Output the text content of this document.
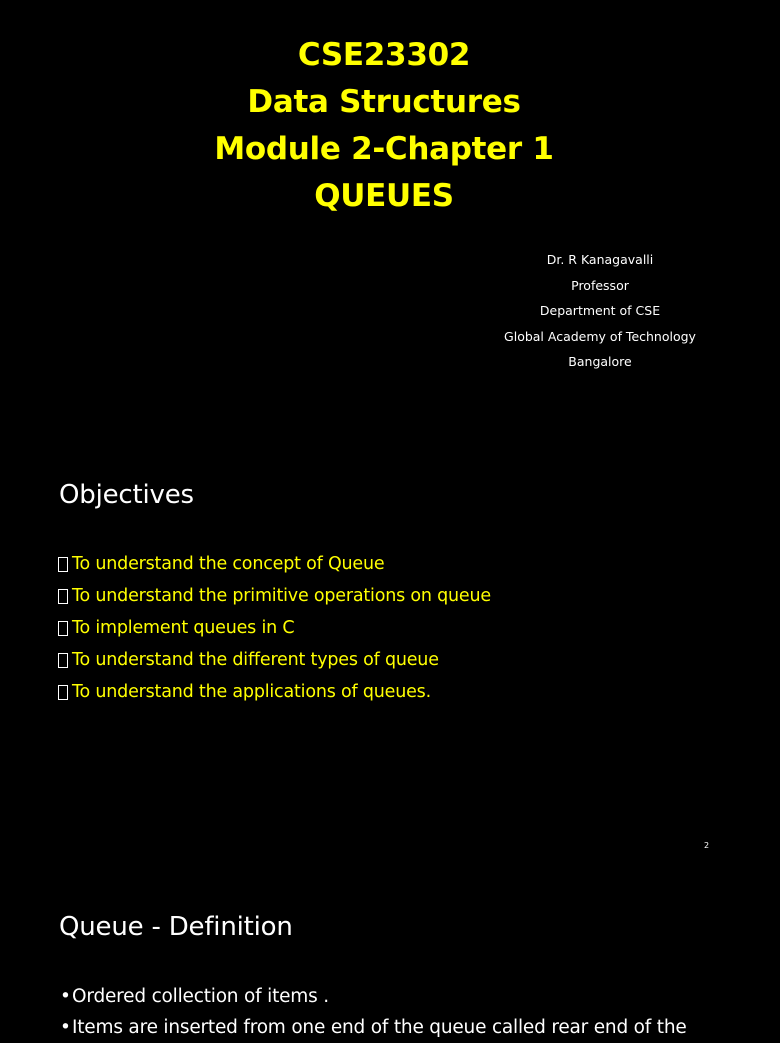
CSE23302
Data Structures
Module 2-Chapter 1
QUEUES
Dr. R Kanagavalli
Professor
Department of CSE
Global Academy of Technology
Bangalore
Objectives
To understand the concept of Queue
To understand the primitive operations on queue
To implement queues in C
To understand the different types of queue
To understand the applications of queues.
2
Queue - Definition
•Ordered collection of items .
•Items are inserted from one end of the queue called rear end of the
